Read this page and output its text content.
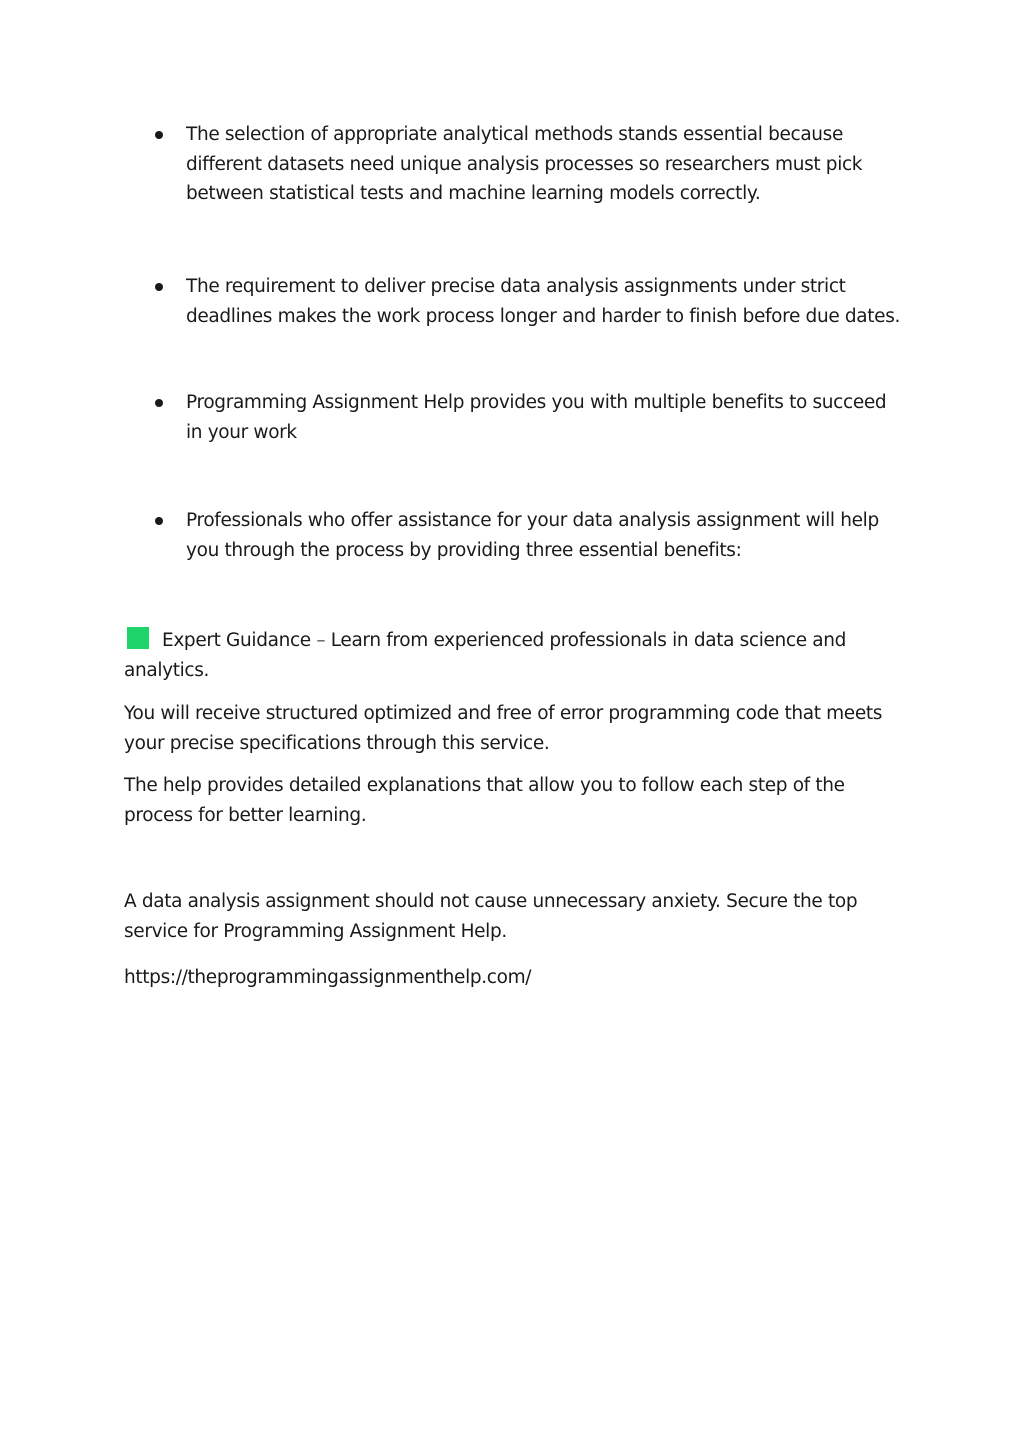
The selection of appropriate analytical methods stands essential because different datasets need unique analysis processes so researchers must pick between statistical tests and machine learning models correctly.
The requirement to deliver precise data analysis assignments under strict deadlines makes the work process longer and harder to finish before due dates.
Programming Assignment Help provides you with multiple benefits to succeed in your work
Professionals who offer assistance for your data analysis assignment will help you through the process by providing three essential benefits:
Expert Guidance – Learn from experienced professionals in data science and analytics.
You will receive structured optimized and free of error programming code that meets your precise specifications through this service.
The help provides detailed explanations that allow you to follow each step of the process for better learning.
A data analysis assignment should not cause unnecessary anxiety. Secure the top service for Programming Assignment Help.
https://theprogrammingassignmenthelp.com/
